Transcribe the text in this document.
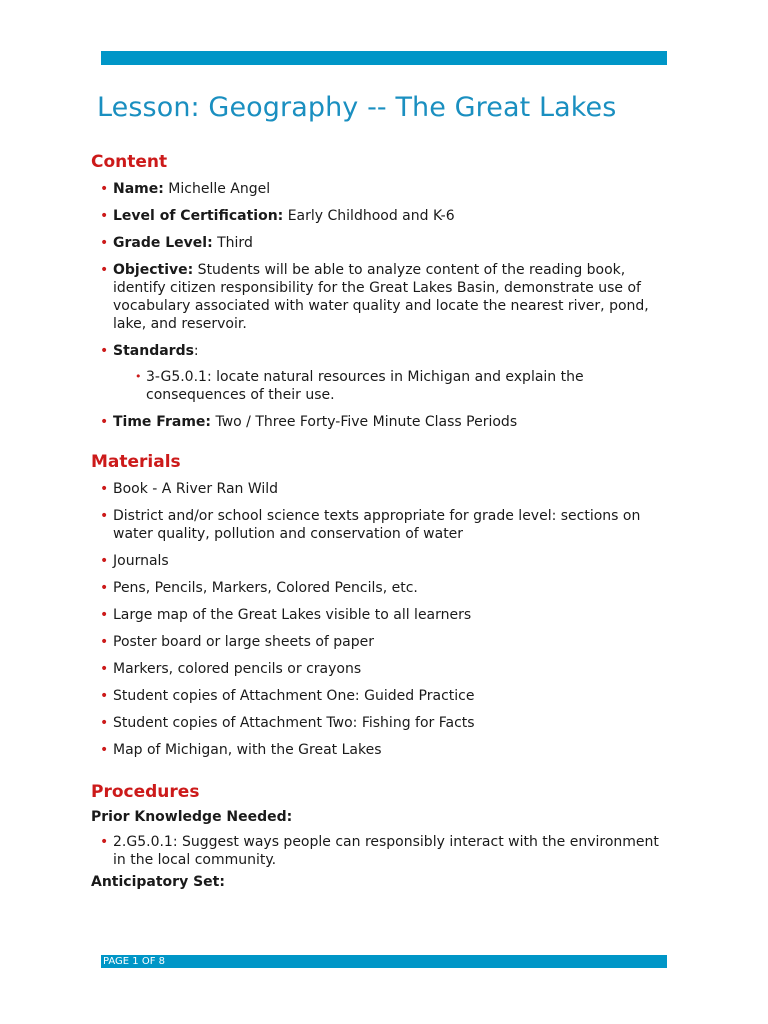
Lesson: Geography -- The Great Lakes
Content
• Name: Michelle Angel
• Level of Certification: Early Childhood and K-6
• Grade Level: Third
• Objective: Students will be able to analyze content of the reading book, identify citizen responsibility for the Great Lakes Basin, demonstrate use of vocabulary associated with water quality and locate the nearest river, pond, lake, and reservoir.
• Standards:
• 3-G5.0.1: locate natural resources in Michigan and explain the consequences of their use.
• Time Frame: Two / Three Forty-Five Minute Class Periods
Materials
• Book - A River Ran Wild
• District and/or school science texts appropriate for grade level: sections on water quality, pollution and conservation of water
• Journals
• Pens, Pencils, Markers, Colored Pencils, etc.
• Large map of the Great Lakes visible to all learners
• Poster board or large sheets of paper
• Markers, colored pencils or crayons
• Student copies of Attachment One: Guided Practice
• Student copies of Attachment Two: Fishing for Facts
• Map of Michigan, with the Great Lakes
Procedures
Prior Knowledge Needed:
• 2.G5.0.1: Suggest ways people can responsibly interact with the environment in the local community.
Anticipatory Set:
PAGE 1 OF 8
